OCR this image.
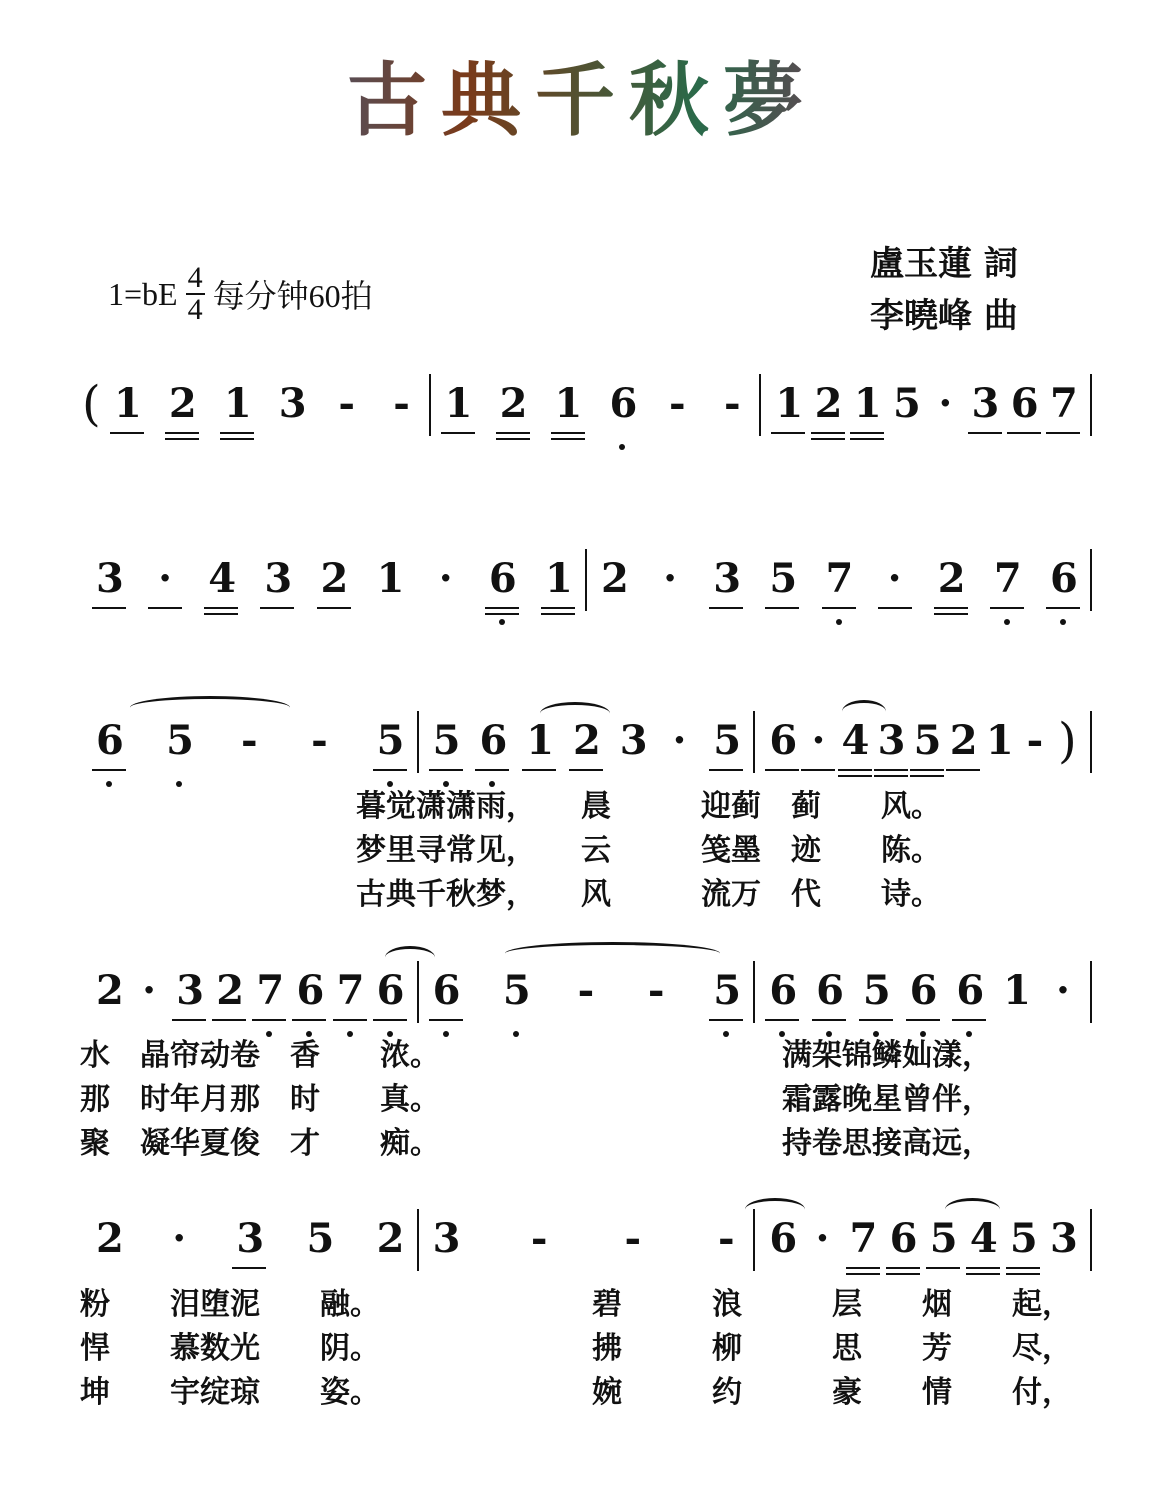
古典千秋夢
$1=bE \frac{4}{4}$ 每分钟60拍
盧玉蓮 詞
李曉峰 曲
( 1 2 1 3 - - 1 2 1 6 - - 1 2 1 5 · 3 6 7
3 · 4 3 2 1 · 6 1 2 · 3 5 7 · 2 7 6
6 5 - - 5 5 6 1 2 3 · 5 6 · 4 3 5 2 1 - )
2 · 3 2 7 6 7 6 6 5 - - 5 6 6 5 6 6 1 ·
2 · 3 5 2 3 - - - 6 · 7 6 5 4 5 3
暮觉潇潇雨，　　晨　　　迎蓟　蓟　　风。
梦里寻常见，　　云　　　笺墨　迹　　陈。
古典千秋梦，　　风　　　流万　代　　诗。
水　晶帘动卷　香　　浓。
那　时年月那　时　　真。
聚　凝华夏俊　才　　痴。
满架锦鳞奾漾，
霜露晚星曾伴，
持卷思接高远，
粉　　泪堕泥　　融。
悍　　慕数光　　阴。
坤　　宇绽琼　　姿。
碧　　　浪　　　层　　烟　　起，
拂　　　柳　　　思　　芳　　尽，
婉　　　约　　　豪　　情　　付，
